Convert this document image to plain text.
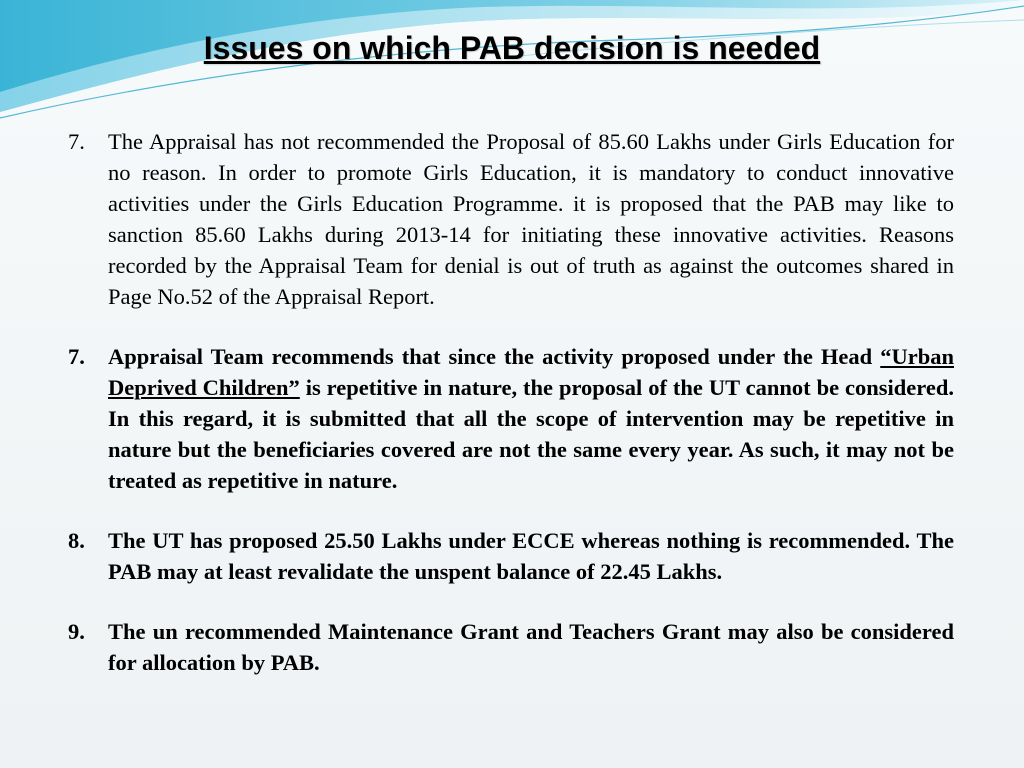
Issues on which PAB decision is needed
7.	The Appraisal has not recommended the Proposal of 85.60 Lakhs under Girls Education for no reason. In order to promote Girls Education, it is mandatory to conduct innovative activities under the Girls Education Programme. it is proposed that the PAB may like to sanction 85.60 Lakhs during 2013-14 for initiating these innovative activities. Reasons recorded by the Appraisal Team for denial is out of truth as against the outcomes shared in Page No.52 of the Appraisal Report.
7.	Appraisal Team recommends that since the activity proposed under the Head “Urban Deprived Children” is repetitive in nature, the proposal of the UT cannot be considered. In this regard, it is submitted that all the scope of intervention may be repetitive in nature but the beneficiaries covered are not the same every year. As such, it may not be treated as repetitive in nature.
8.	The UT has proposed 25.50 Lakhs under ECCE whereas nothing is recommended. The PAB may at least revalidate the unspent balance of 22.45 Lakhs.
9.	The un recommended Maintenance Grant and Teachers Grant may also be considered for allocation by PAB.
